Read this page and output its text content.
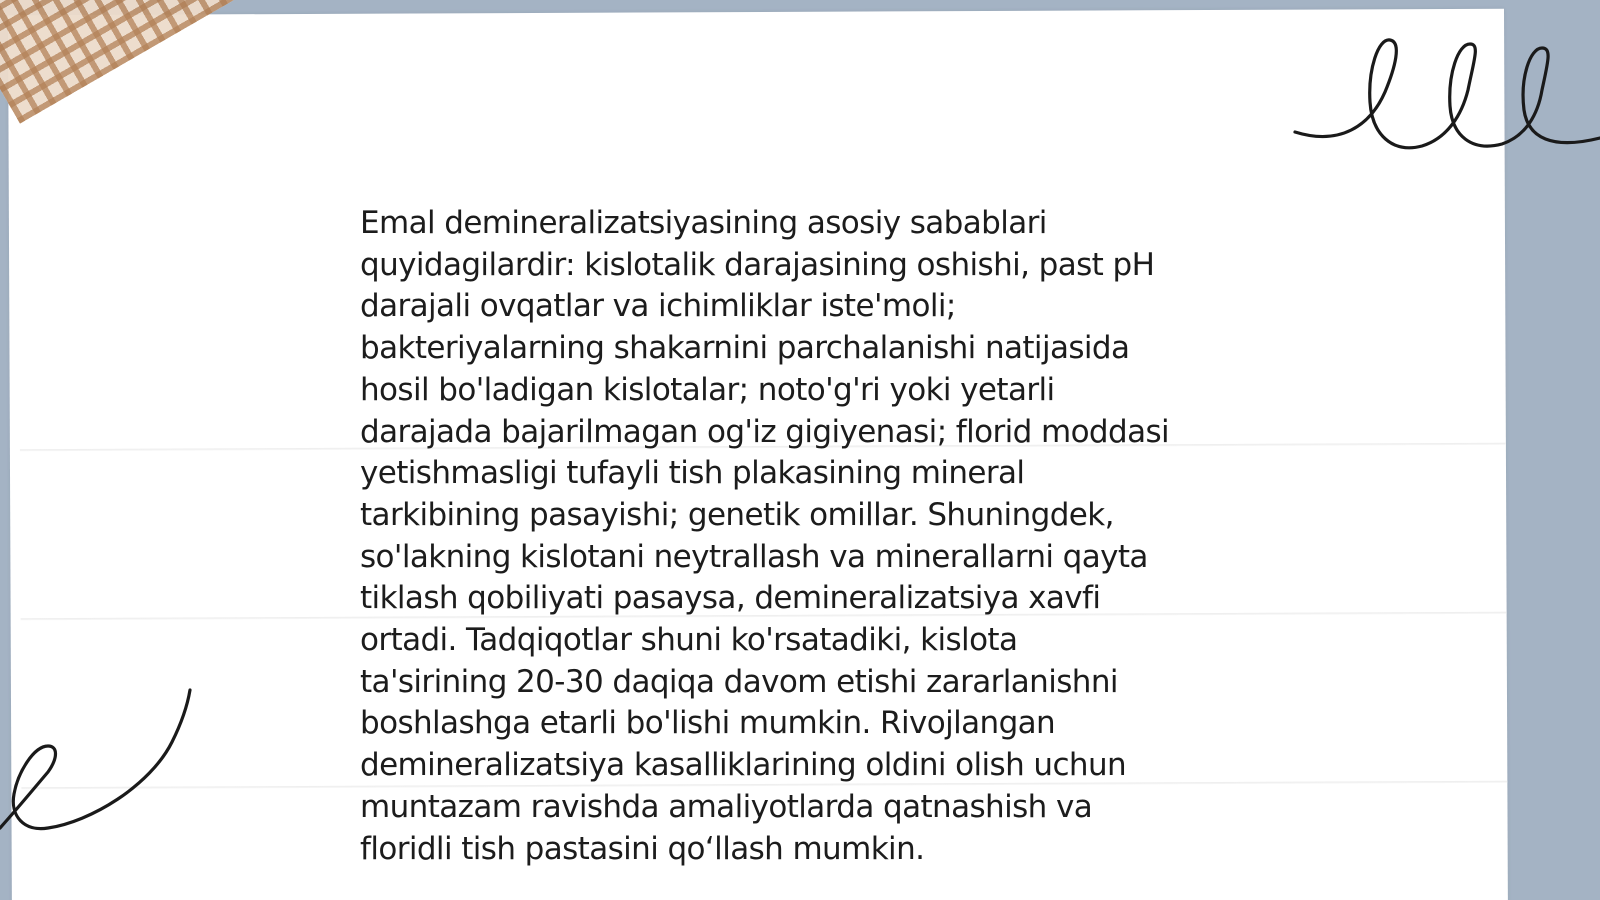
Emal demineralizatsiyasining asosiy sabablari
quyidagilardir: kislotalik darajasining oshishi, past pH
darajali ovqatlar va ichimliklar iste'moli;
bakteriyalarning shakarnini parchalanishi natijasida
hosil bo'ladigan kislotalar; noto'g'ri yoki yetarli
darajada bajarilmagan og'iz gigiyenasi; florid moddasi
yetishmasligi tufayli tish plakasining mineral
tarkibining pasayishi; genetik omillar. Shuningdek,
so'lakning kislotani neytrallash va minerallarni qayta
tiklash qobiliyati pasaysa, demineralizatsiya xavfi
ortadi. Tadqiqotlar shuni ko'rsatadiki, kislota
ta'sirining 20-30 daqiqa davom etishi zararlanishni
boshlashga etarli bo'lishi mumkin. Rivojlangan
demineralizatsiya kasalliklarining oldini olish uchun
muntazam ravishda amaliyotlarda qatnashish va
floridli tish pastasini qo‘llash mumkin.
